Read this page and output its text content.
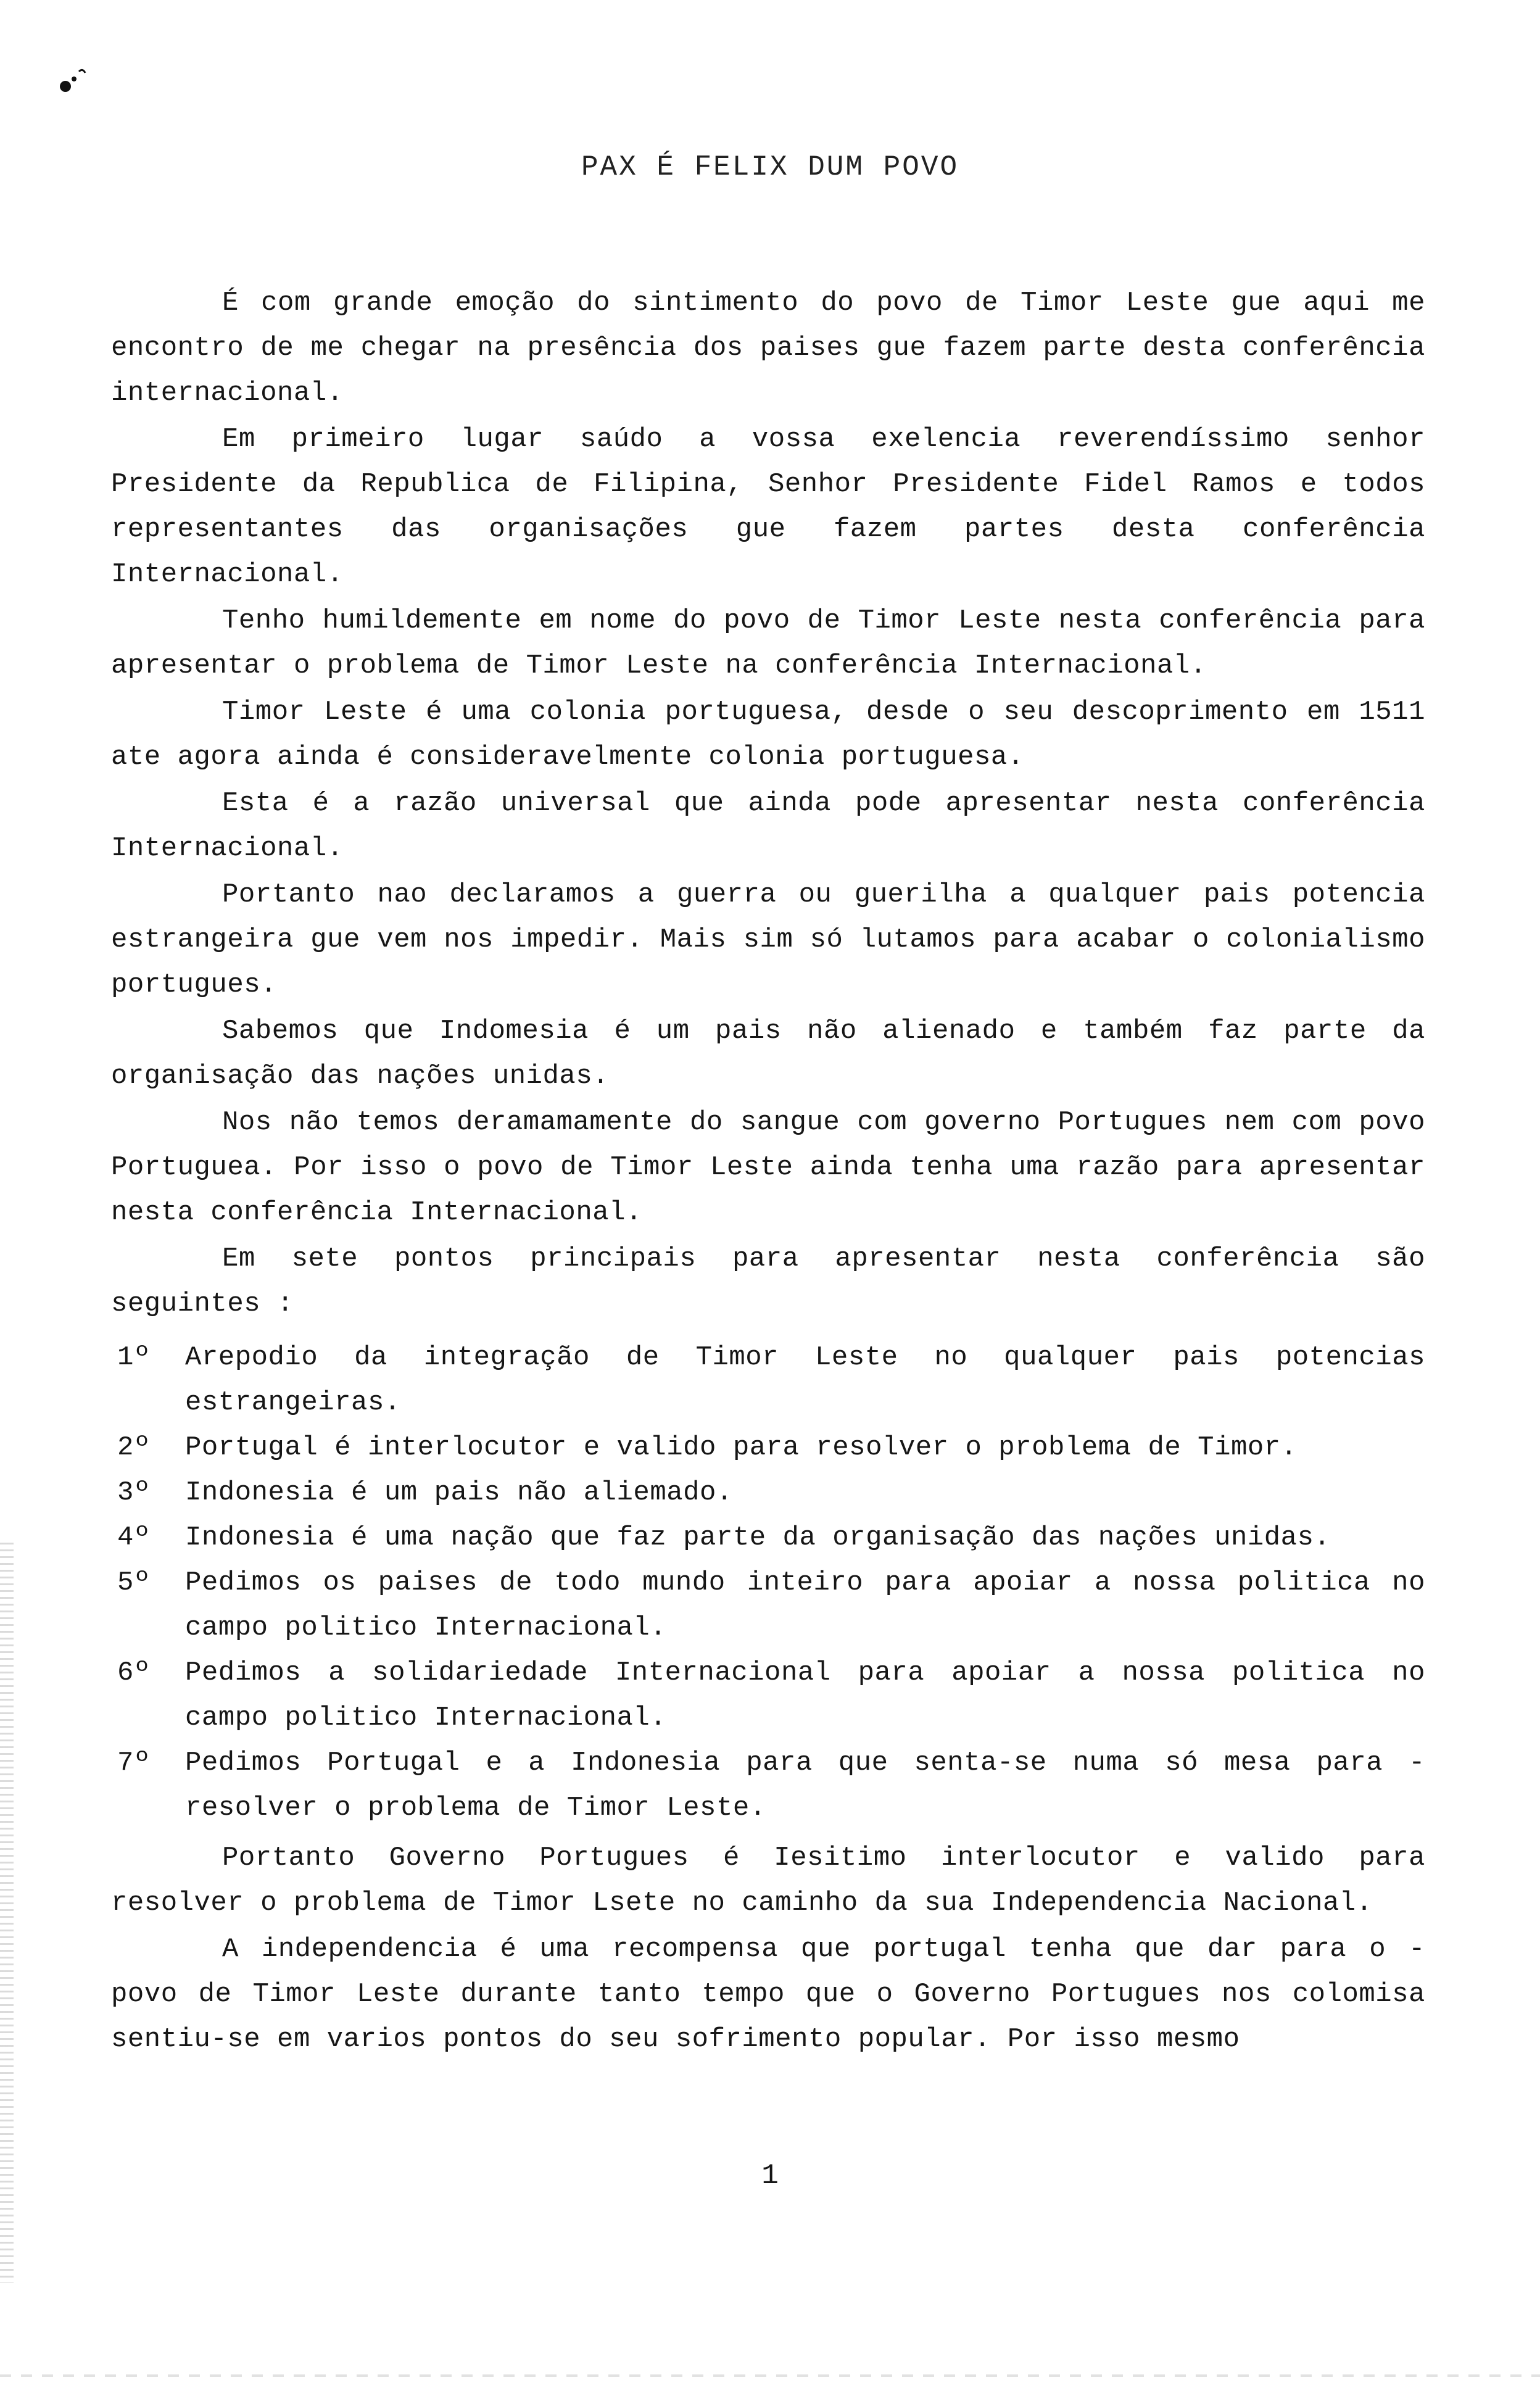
PAX É FELIX DUM POVO

É com grande emoção do sintimento do povo de Timor Leste gue aqui me encontro de me chegar na presência dos paises gue fazem parte desta conferência internacional.

Em primeiro lugar saúdo a vossa exelencia reverendíssimo senhor Presidente da Republica de Filipina, Senhor Presidente Fidel Ramos e todos representantes das organisações gue fazem partes desta conferência Internacional.

Tenho humildemente em nome do povo de Timor Leste nesta conferência para apresentar o problema de Timor Leste na conferência Internacional.

Timor Leste é uma colonia portuguesa, desde o seu descoprimento em 1511 ate agora ainda é consideravelmente colonia portuguesa.

Esta é a razão universal que ainda pode apresentar nesta conferência Internacional.

Portanto nao declaramos a guerra ou guerilha a qualquer pais potencia estrangeira gue vem nos impedir. Mais sim só lutamos para acabar o colonialismo portugues.

Sabemos que Indomesia é um pais não alienado e também faz parte da organisação das nações unidas.

Nos não temos deramamamente do sangue com governo Portugues nem com povo Portuguea. Por isso o povo de Timor Leste ainda tenha uma razão para apresentar nesta conferência Internacional.

Em sete pontos principais para apresentar nesta conferência são seguintes :

1º Arepodio da integração de Timor Leste no qualquer pais potencias estrangeiras.
2º Portugal é interlocutor e valido para resolver o problema de Timor.
3º Indonesia é um pais não aliemado.
4º Indonesia é uma nação que faz parte da organisação das nações unidas.
5º Pedimos os paises de todo mundo inteiro para apoiar a nossa politica no campo politico Internacional.
6º Pedimos a solidariedade Internacional para apoiar a nossa politica no campo politico Internacional.
7º Pedimos Portugal e a Indonesia para que senta-se numa só mesa para - resolver o problema de Timor Leste.

Portanto Governo Portugues é Iesitimo interlocutor e valido para resolver o problema de Timor Lsete no caminho da sua Independencia Nacional.

A independencia é uma recompensa que portugal tenha que dar para o - povo de Timor Leste durante tanto tempo que o Governo Portugues nos colomisa sentiu-se em varios pontos do seu sofrimento popular. Por isso mesmo

1
